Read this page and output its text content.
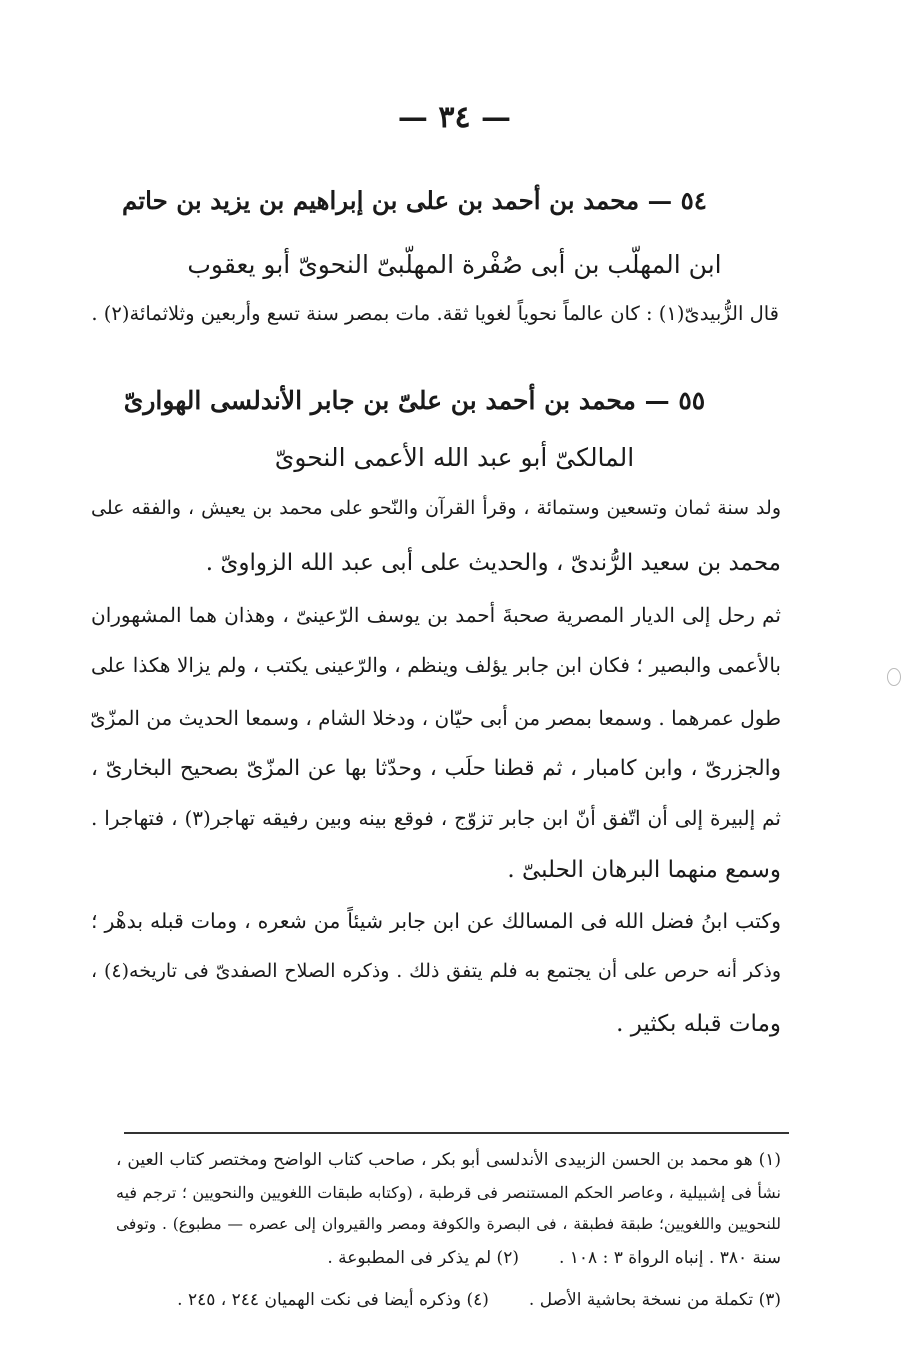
— ٣٤ —
٥٤ — محمد بن أحمد بن على بن إبراهيم بن يزيد بن حاتم
ابن المهلّب بن أبى صُفْرة المهلّبىّ النحوىّ أبو يعقوب
قال الزُّبيدىّ(١) : كان عالماً نحوياً لغويا ثقة. مات بمصر سنة تسع وأربعين وثلاثمائة(٢) .
٥٥ — محمد بن أحمد بن علىّ بن جابر الأندلسى الهوارىّ
المالكىّ أبو عبد الله الأعمى النحوىّ
ولد سنة ثمان وتسعين وستمائة ، وقرأ القرآن والنّحو على محمد بن يعيش ، والفقه على
محمد بن سعيد الرُّندىّ ، والحديث على أبى عبد الله الزواوىّ .
ثم رحل إلى الديار المصرية صحبةَ أحمد بن يوسف الرّعينىّ ، وهذان هما المشهوران
بالأعمى والبصير ؛ فكان ابن جابر يؤلف وينظم ، والرّعينى يكتب ، ولم يزالا هكذا على
طول عمرهما . وسمعا بمصر من أبى حيّان ، ودخلا الشام ، وسمعا الحديث من المزّىّ
والجزرىّ ، وابن كامبار ، ثم قطنا حلَب ، وحدّثا بها عن المزّىّ بصحيح البخارىّ ،
ثم إلبيرة إلى أن اتّفق أنّ ابن جابر تزوّج ، فوقع بينه وبين رفيقه تهاجر(٣) ، فتهاجرا .
وسمع منهما البرهان الحلبىّ .
وكتب ابنُ فضل الله فى المسالك عن ابن جابر شيئاً من شعره ، ومات قبله بدهْر ؛
وذكر أنه حرص على أن يجتمع به فلم يتفق ذلك . وذكره الصلاح الصفدىّ فى تاريخه(٤) ،
ومات قبله بكثير .
(١) هو محمد بن الحسن الزبيدى الأندلسى أبو بكر ، صاحب كتاب الواضح ومختصر كتاب العين ،
نشأ فى إشبيلية ، وعاصر الحكم المستنصر فى قرطبة ، (وكتابه طبقات اللغويين والنحويين ؛ ترجم فيه
للنحويين واللغويين؛ طبقة فطبقة ، فى البصرة والكوفة ومصر والقيروان إلى عصره — مطبوع) . وتوفى
سنة ٣٨٠ . إنباه الرواة ٣ : ١٠٨ .
(٢) لم يذكر فى المطبوعة .
(٣) تكملة من نسخة بحاشية الأصل .
(٤) وذكره أيضا فى نكت الهميان ٢٤٤ ، ٢٤٥ .
